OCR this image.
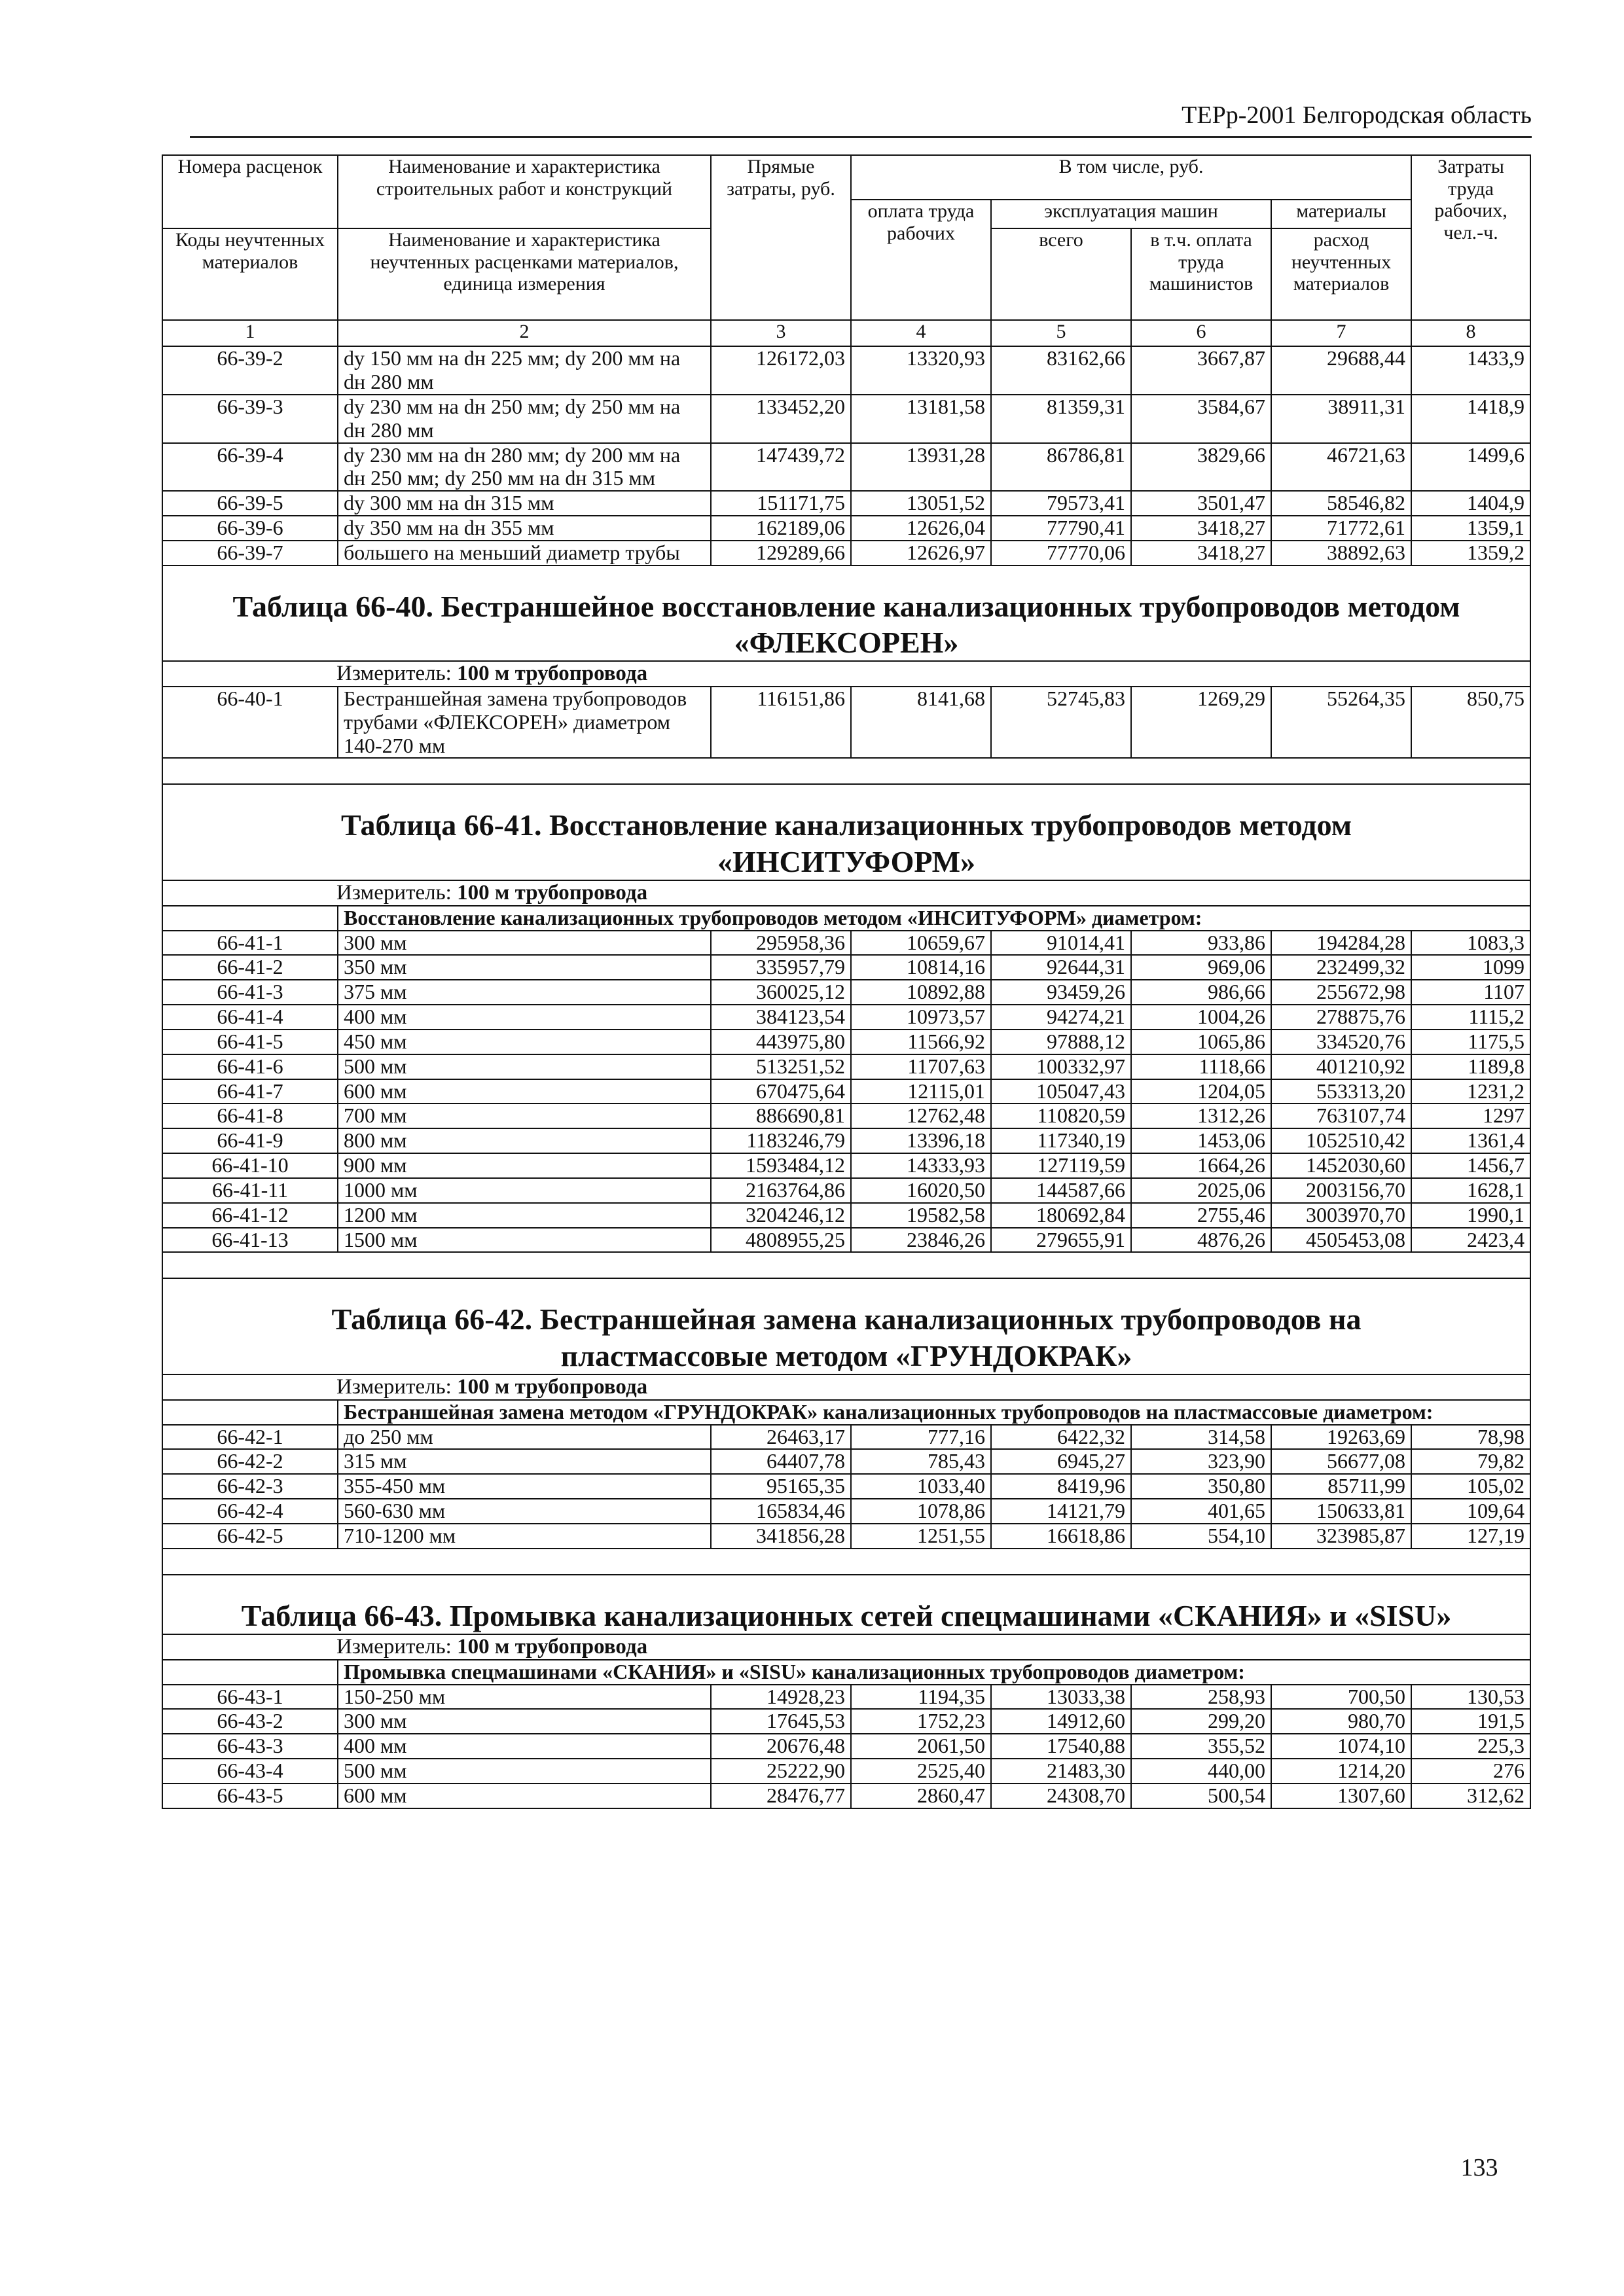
ТЕРр-2001 Белгородская область
Номера расценок	Наименование и характеристика строительных работ и конструкций	Прямые затраты, руб.	В том числе, руб.				Затраты труда рабочих, чел.-ч.
			оплата труда рабочих	эксплуатация машин		материалы	
Коды неучтенных материалов	Наименование и характеристика неучтенных расценками материалов, единица измерения			всего	в т.ч. оплата труда машинистов	расход неучтенных материалов	

1	2	3	4	5	6	7	8
66-39-2	dy 150 мм на dн 225 мм; dy 200 мм на dн 280 мм	126172,03	13320,93	83162,66	3667,87	29688,44	1433,9
66-39-3	dy 230 мм на dн 250 мм; dy 250 мм на dн 280 мм	133452,20	13181,58	81359,31	3584,67	38911,31	1418,9
66-39-4	dy 230 мм на dн 280 мм; dy 200 мм на dн 250 мм; dy 250 мм на dн 315 мм	147439,72	13931,28	86786,81	3829,66	46721,63	1499,6
66-39-5	dy 300 мм на dн 315 мм	151171,75	13051,52	79573,41	3501,47	58546,82	1404,9
66-39-6	dy 350 мм на dн 355 мм	162189,06	12626,04	77790,41	3418,27	71772,61	1359,1
66-39-7	большего на меньший диаметр трубы	129289,66	12626,97	77770,06	3418,27	38892,63	1359,2
Таблица 66-40. Бестраншейное восстановление канализационных трубопроводов методом
«ФЛЕКСОРЕН»							
Измеритель: 100 м трубопровода							
66-40-1	Бестраншейная замена трубопроводов трубами «ФЛЕКСОРЕН» диаметром 140-270 мм	116151,86	8141,68	52745,83	1269,29	55264,35	850,75

Таблица 66-41. Восстановление канализационных трубопроводов методом
«ИНСИТУФОРМ»							
Измеритель: 100 м трубопровода							
	Восстановление канализационных трубопроводов методом «ИНСИТУФОРМ» диаметром:						
66-41-1	300 мм	295958,36	10659,67	91014,41	933,86	194284,28	1083,3
66-41-2	350 мм	335957,79	10814,16	92644,31	969,06	232499,32	1099
66-41-3	375 мм	360025,12	10892,88	93459,26	986,66	255672,98	1107
66-41-4	400 мм	384123,54	10973,57	94274,21	1004,26	278875,76	1115,2
66-41-5	450 мм	443975,80	11566,92	97888,12	1065,86	334520,76	1175,5
66-41-6	500 мм	513251,52	11707,63	100332,97	1118,66	401210,92	1189,8
66-41-7	600 мм	670475,64	12115,01	105047,43	1204,05	553313,20	1231,2
66-41-8	700 мм	886690,81	12762,48	110820,59	1312,26	763107,74	1297
66-41-9	800 мм	1183246,79	13396,18	117340,19	1453,06	1052510,42	1361,4
66-41-10	900 мм	1593484,12	14333,93	127119,59	1664,26	1452030,60	1456,7
66-41-11	1000 мм	2163764,86	16020,50	144587,66	2025,06	2003156,70	1628,1
66-41-12	1200 мм	3204246,12	19582,58	180692,84	2755,46	3003970,70	1990,1
66-41-13	1500 мм	4808955,25	23846,26	279655,91	4876,26	4505453,08	2423,4

Таблица 66-42. Бестраншейная замена канализационных трубопроводов на
пластмассовые методом «ГРУНДОКРАК»							
Измеритель: 100 м трубопровода							
	Бестраншейная замена методом «ГРУНДОКРАК» канализационных трубопроводов на пластмассовые диаметром:						
66-42-1	до 250 мм	26463,17	777,16	6422,32	314,58	19263,69	78,98
66-42-2	315 мм	64407,78	785,43	6945,27	323,90	56677,08	79,82
66-42-3	355-450 мм	95165,35	1033,40	8419,96	350,80	85711,99	105,02
66-42-4	560-630 мм	165834,46	1078,86	14121,79	401,65	150633,81	109,64
66-42-5	710-1200 мм	341856,28	1251,55	16618,86	554,10	323985,87	127,19

Таблица 66-43. Промывка канализационных сетей спецмашинами «СКАНИЯ» и «SISU»							
Измеритель: 100 м трубопровода							
	Промывка спецмашинами «СКАНИЯ» и «SISU» канализационных трубопроводов диаметром:						
66-43-1	150-250 мм	14928,23	1194,35	13033,38	258,93	700,50	130,53
66-43-2	300 мм	17645,53	1752,23	14912,60	299,20	980,70	191,5
66-43-3	400 мм	20676,48	2061,50	17540,88	355,52	1074,10	225,3
66-43-4	500 мм	25222,90	2525,40	21483,30	440,00	1214,20	276
66-43-5	600 мм	28476,77	2860,47	24308,70	500,54	1307,60	312,62
133
